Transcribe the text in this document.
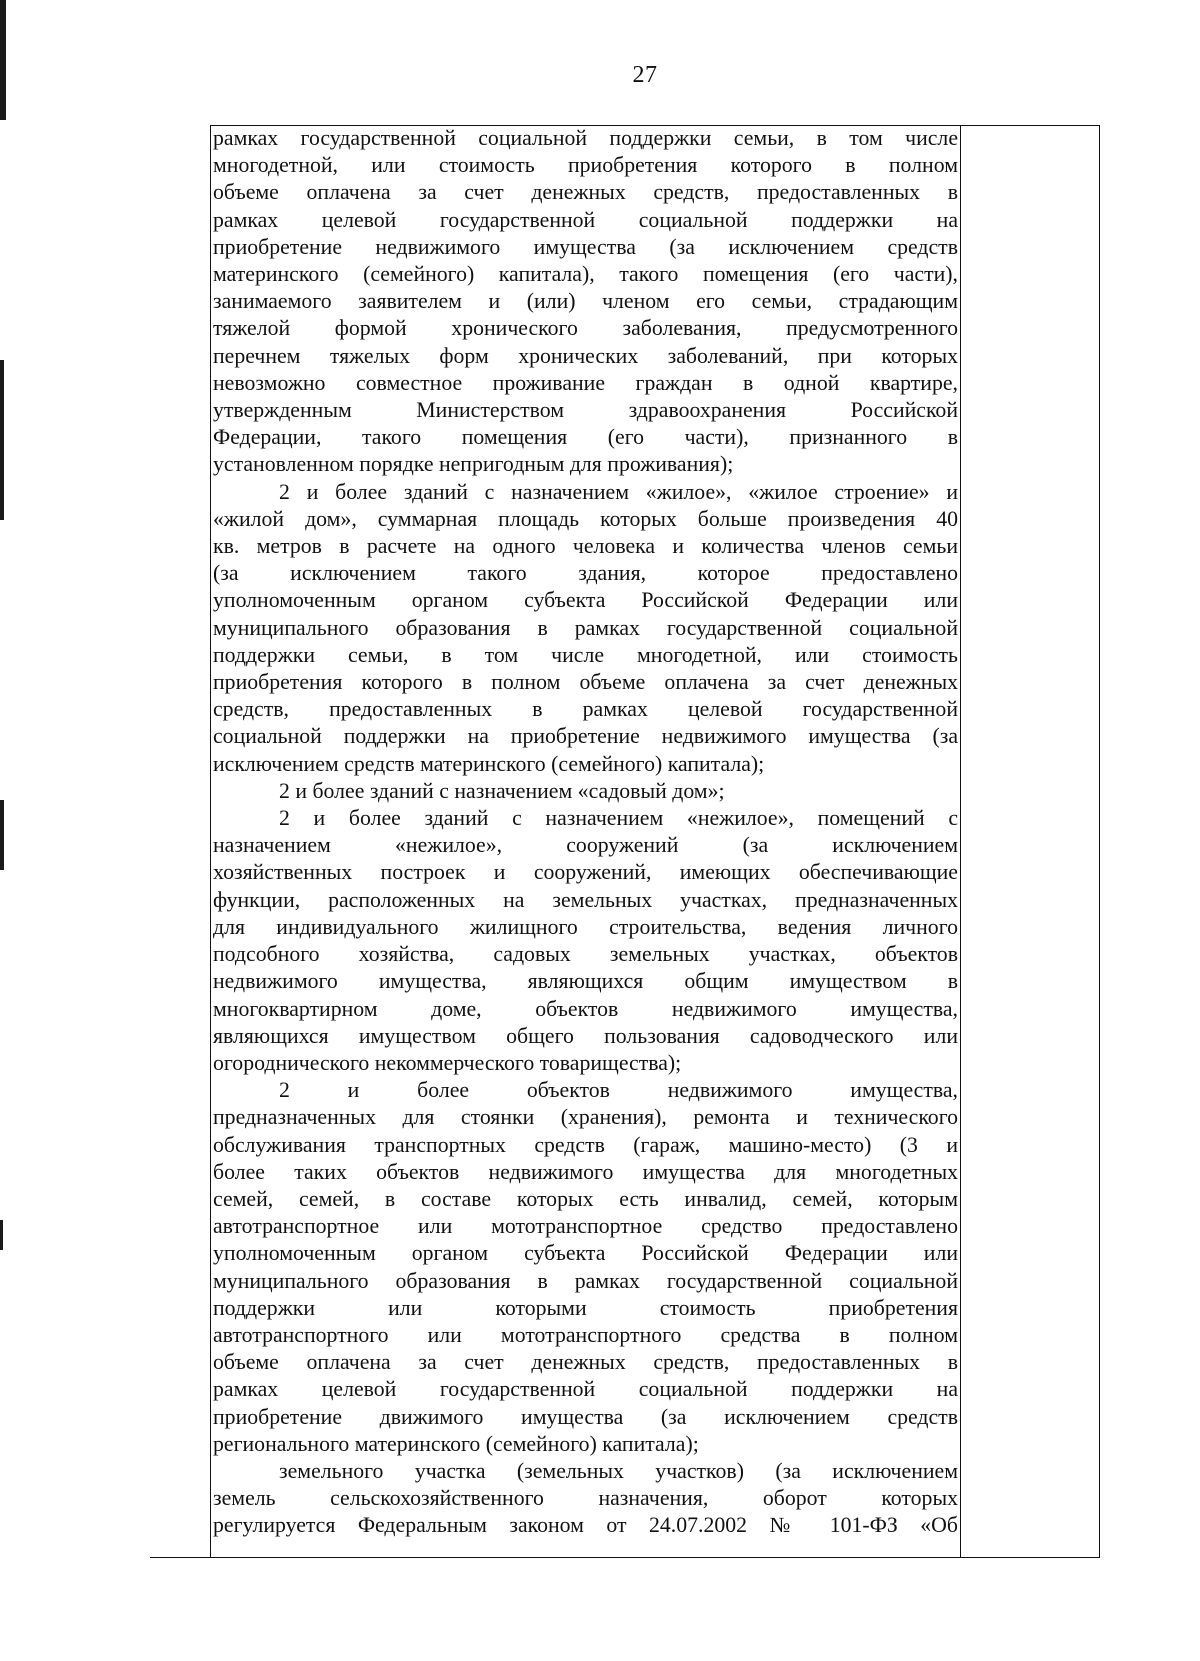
27

рамках государственной социальной поддержки семьи, в том числе

многодетной, или стоимость приобретения которого в полном

объеме оплачена за счет денежных средств, предоставленных в

рамках целевой государственной социальной поддержки на

приобретение недвижимого имущества (за исключением средств

материнского (семейного) капитала), такого помещения (его части),

занимаемого заявителем и (или) членом его семьи, страдающим

тяжелой формой хронического заболевания, предусмотренного

перечнем тяжелых форм хронических заболеваний, при которых

невозможно совместное проживание граждан в одной квартире,

утвержденным Министерством здравоохранения Российской

Федерации, такого помещения (его части), признанного в

установленном порядке непригодным для проживания);

2 и более зданий с назначением «жилое», «жилое строение» и

«жилой дом», суммарная площадь которых больше произведения 40

кв. метров в расчете на одного человека и количества членов семьи

(за исключением такого здания, которое предоставлено

уполномоченным органом субъекта Российской Федерации или

муниципального образования в рамках государственной социальной

поддержки семьи, в том числе многодетной, или стоимость

приобретения которого в полном объеме оплачена за счет денежных

средств, предоставленных в рамках целевой государственной

социальной поддержки на приобретение недвижимого имущества (за

исключением средств материнского (семейного) капитала);

2 и более зданий с назначением «садовый дом»;

2 и более зданий с назначением «нежилое», помещений с

назначением «нежилое», сооружений (за исключением

хозяйственных построек и сооружений, имеющих обеспечивающие

функции, расположенных на земельных участках, предназначенных

для индивидуального жилищного строительства, ведения личного

подсобного хозяйства, садовых земельных участках, объектов

недвижимого имущества, являющихся общим имуществом в

многоквартирном доме, объектов недвижимого имущества,

являющихся имуществом общего пользования садоводческого или

огороднического некоммерческого товарищества);

2 и более объектов недвижимого имущества,

предназначенных для стоянки (хранения), ремонта и технического

обслуживания транспортных средств (гараж, машино-место) (3 и

более таких объектов недвижимого имущества для многодетных

семей, семей, в составе которых есть инвалид, семей, которым

автотранспортное или мототранспортное средство предоставлено

уполномоченным органом субъекта Российской Федерации или

муниципального образования в рамках государственной социальной

поддержки или которыми стоимость приобретения

автотранспортного или мототранспортного средства в полном

объеме оплачена за счет денежных средств, предоставленных в

рамках целевой государственной социальной поддержки на

приобретение движимого имущества (за исключением средств

регионального материнского (семейного) капитала);

земельного участка (земельных участков) (за исключением

земель сельскохозяйственного назначения, оборот которых

регулируется Федеральным законом от 24.07.2002 № 101-ФЗ «Об
